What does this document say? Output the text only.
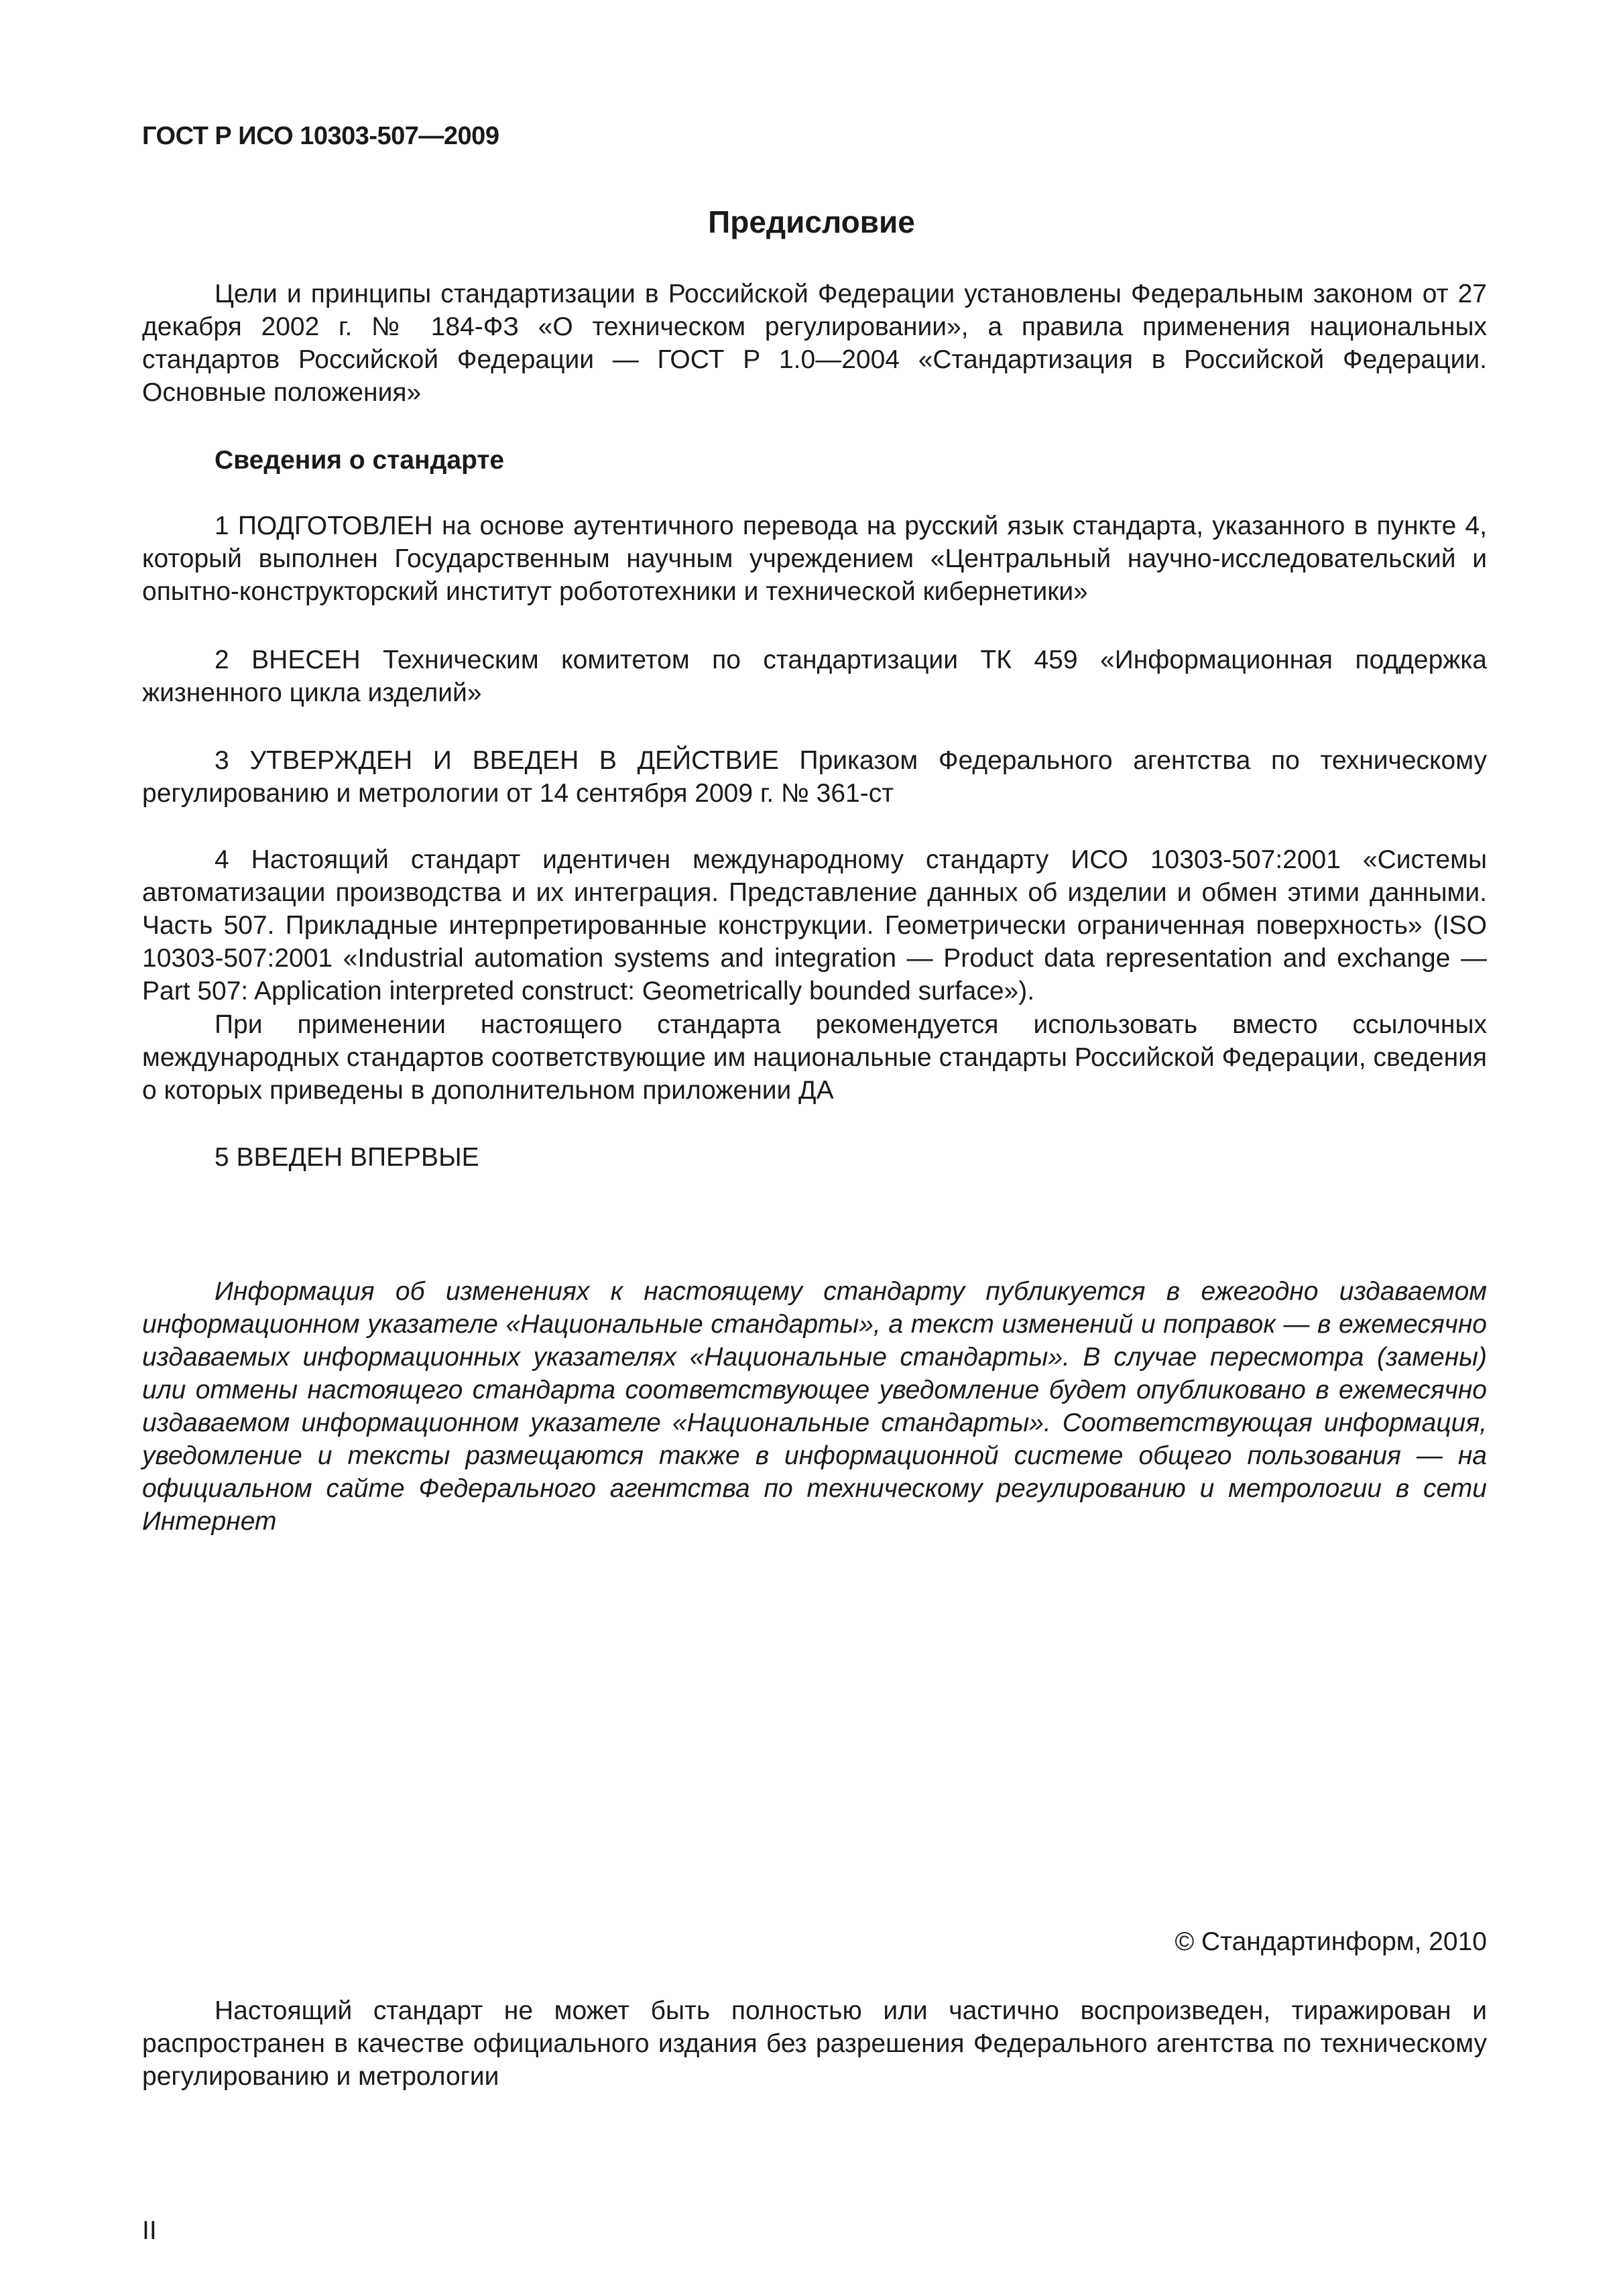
ГОСТ Р ИСО 10303-507—2009
Предисловие
Цели и принципы стандартизации в Российской Федерации установлены Федеральным законом от 27 декабря 2002 г. № 184-ФЗ «О техническом регулировании», а правила применения национальных стандартов Российской Федерации — ГОСТ Р 1.0—2004 «Стандартизация в Российской Федерации. Основные положения»
Сведения о стандарте
1 ПОДГОТОВЛЕН на основе аутентичного перевода на русский язык стандарта, указанного в пункте 4, который выполнен Государственным научным учреждением «Центральный научно-исследовательский и опытно-конструкторский институт робототехники и технической кибернетики»
2 ВНЕСЕН Техническим комитетом по стандартизации ТК 459 «Информационная поддержка жизненного цикла изделий»
3 УТВЕРЖДЕН И ВВЕДЕН В ДЕЙСТВИЕ Приказом Федерального агентства по техническому регулированию и метрологии от 14 сентября 2009 г. № 361-ст
4 Настоящий стандарт идентичен международному стандарту ИСО 10303-507:2001 «Системы автоматизации производства и их интеграция. Представление данных об изделии и обмен этими данными. Часть 507. Прикладные интерпретированные конструкции. Геометрически ограниченная поверхность» (ISO 10303-507:2001 «Industrial automation systems and integration — Product data representation and exchange — Part 507: Application interpreted construct: Geometrically bounded surface»).
При применении настоящего стандарта рекомендуется использовать вместо ссылочных международных стандартов соответствующие им национальные стандарты Российской Федерации, сведения о которых приведены в дополнительном приложении ДА
5 ВВЕДЕН ВПЕРВЫЕ
Информация об изменениях к настоящему стандарту публикуется в ежегодно издаваемом информационном указателе «Национальные стандарты», а текст изменений и поправок — в ежемесячно издаваемых информационных указателях «Национальные стандарты». В случае пересмотра (замены) или отмены настоящего стандарта соответствующее уведомление будет опубликовано в ежемесячно издаваемом информационном указателе «Национальные стандарты». Соответствующая информация, уведомление и тексты размещаются также в информационной системе общего пользования — на официальном сайте Федерального агентства по техническому регулированию и метрологии в сети Интернет
© Стандартинформ, 2010
Настоящий стандарт не может быть полностью или частично воспроизведен, тиражирован и распространен в качестве официального издания без разрешения Федерального агентства по техническому регулированию и метрологии
II
